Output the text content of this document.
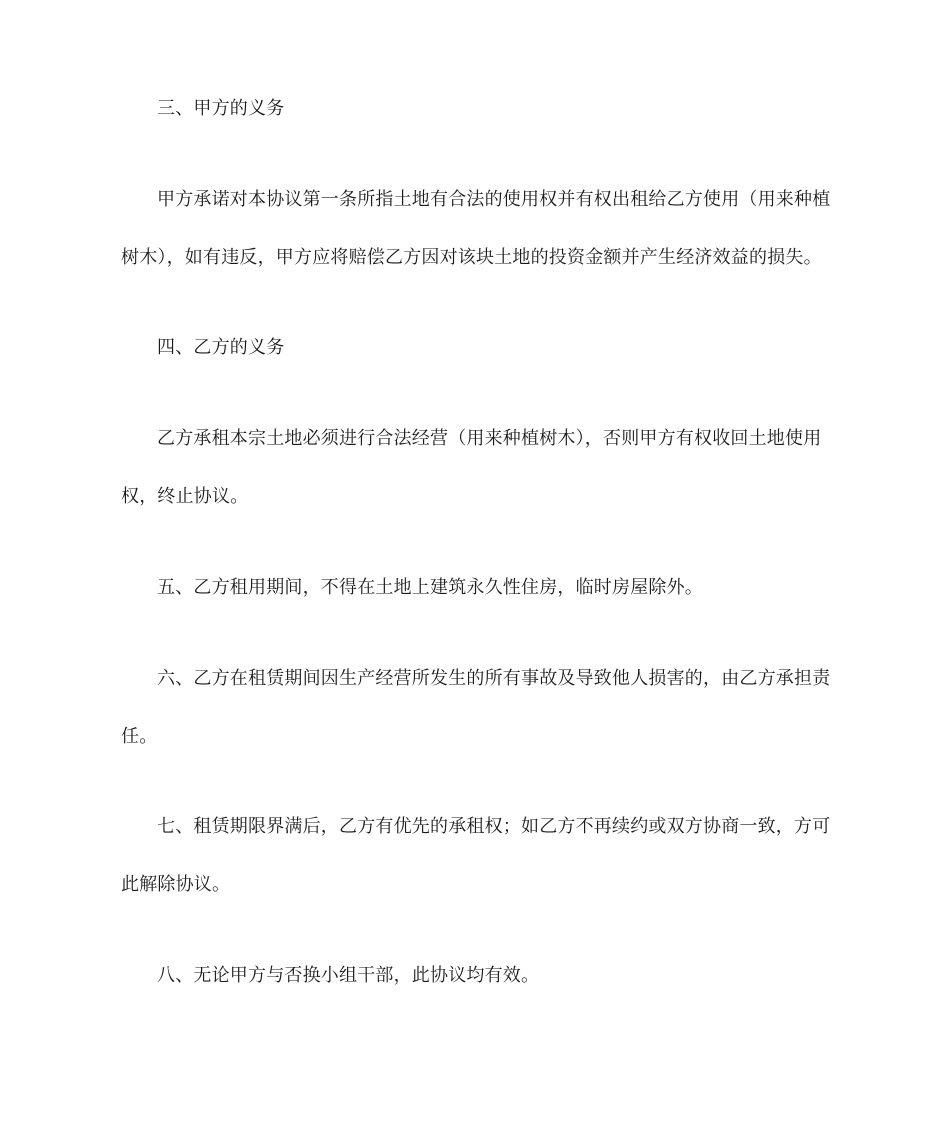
三、甲方的义务

甲方承诺对本协议第一条所指土地有合法的使用权并有权出租给乙方使用（用来种植树木），如有违反，甲方应将赔偿乙方因对该块土地的投资金额并产生经济效益的损失。

四、乙方的义务

乙方承租本宗土地必须进行合法经营（用来种植树木），否则甲方有权收回土地使用权，终止协议。

五、乙方租用期间，不得在土地上建筑永久性住房，临时房屋除外。

六、乙方在租赁期间因生产经营所发生的所有事故及导致他人损害的，由乙方承担责任。

七、租赁期限界满后，乙方有优先的承租权；如乙方不再续约或双方协商一致，方可此解除协议。

八、无论甲方与否换小组干部，此协议均有效。
